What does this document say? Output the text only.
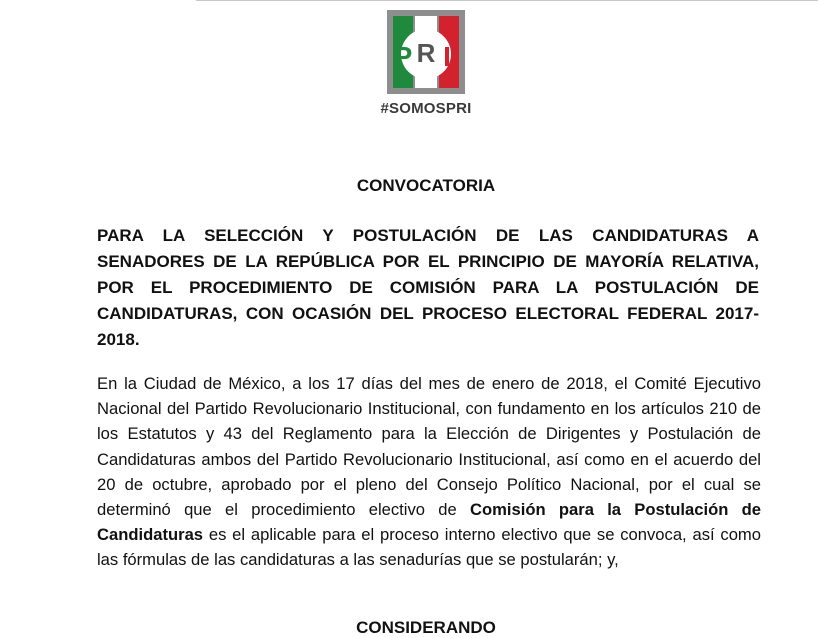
P R I
#SOMOSPRI
CONVOCATORIA
PARA LA SELECCIÓN Y POSTULACIÓN DE LAS CANDIDATURAS A SENADORES DE LA REPÚBLICA POR EL PRINCIPIO DE MAYORÍA RELATIVA, POR EL PROCEDIMIENTO DE COMISIÓN PARA LA POSTULACIÓN DE CANDIDATURAS, CON OCASIÓN DEL PROCESO ELECTORAL FEDERAL 2017-2018.
En la Ciudad de México, a los 17 días del mes de enero de 2018, el Comité Ejecutivo Nacional del Partido Revolucionario Institucional, con fundamento en los artículos 210 de los Estatutos y 43 del Reglamento para la Elección de Dirigentes y Postulación de Candidaturas ambos del Partido Revolucionario Institucional, así como en el acuerdo del 20 de octubre, aprobado por el pleno del Consejo Político Nacional, por el cual se determinó que el procedimiento electivo de Comisión para la Postulación de Candidaturas es el aplicable para el proceso interno electivo que se convoca, así como las fórmulas de las candidaturas a las senadurías que se postularán; y,
CONSIDERANDO
